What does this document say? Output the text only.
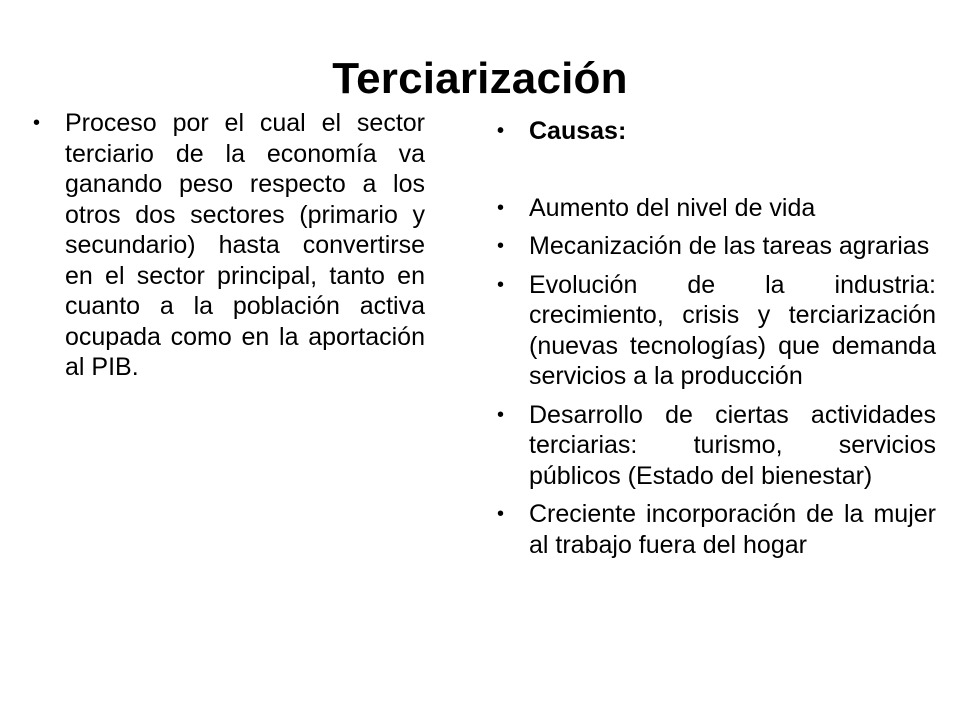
Terciarización
• Proceso por el cual el sector terciario de la economía va ganando peso respecto a los otros dos sectores (primario y secundario) hasta convertirse en el sector principal, tanto en cuanto a la población activa ocupada como en la aportación al PIB.
• Causas:
• Aumento del nivel de vida
• Mecanización de las tareas agrarias
• Evolución de la industria: crecimiento, crisis y terciarización (nuevas tecnologías) que demanda servicios a la producción
• Desarrollo de ciertas actividades terciarias: turismo, servicios públicos (Estado del bienestar)
• Creciente incorporación de la mujer al trabajo fuera del hogar
